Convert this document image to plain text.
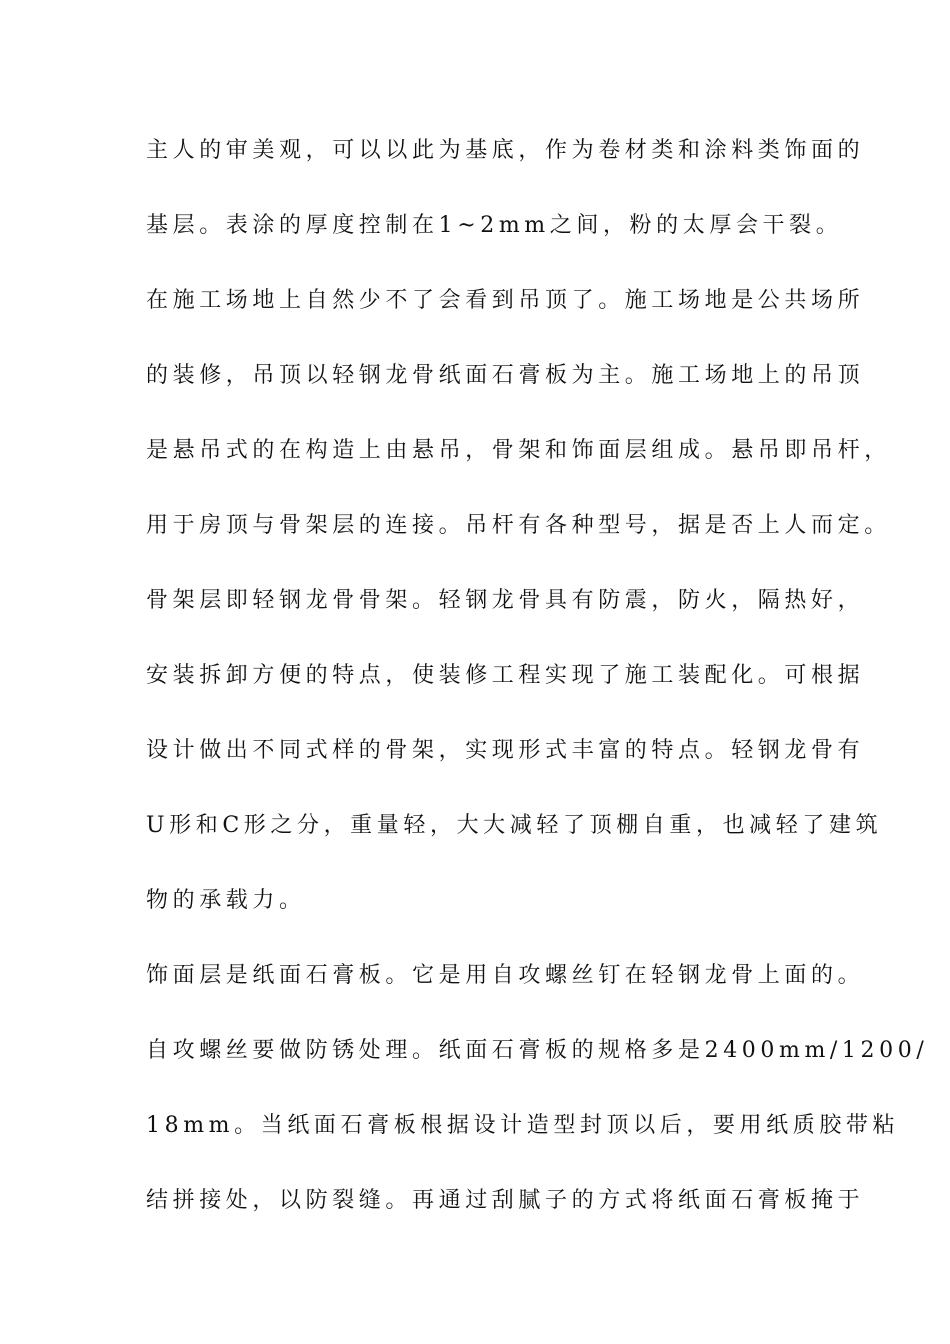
主人的审美观，可以以此为基底，作为卷材类和涂料类饰面的
基层。表涂的厚度控制在1~2mm之间，粉的太厚会干裂。
在施工场地上自然少不了会看到吊顶了。施工场地是公共场所
的装修，吊顶以轻钢龙骨纸面石膏板为主。施工场地上的吊顶
是悬吊式的在构造上由悬吊，骨架和饰面层组成。悬吊即吊杆，
用于房顶与骨架层的连接。吊杆有各种型号，据是否上人而定。
骨架层即轻钢龙骨骨架。轻钢龙骨具有防震，防火，隔热好，
安装拆卸方便的特点，使装修工程实现了施工装配化。可根据
设计做出不同式样的骨架，实现形式丰富的特点。轻钢龙骨有
U形和C形之分，重量轻，大大减轻了顶棚自重，也减轻了建筑
物的承载力。
饰面层是纸面石膏板。它是用自攻螺丝钉在轻钢龙骨上面的。
自攻螺丝要做防锈处理。纸面石膏板的规格多是2400mm/1200/
18mm。当纸面石膏板根据设计造型封顶以后，要用纸质胶带粘
结拼接处，以防裂缝。再通过刮腻子的方式将纸面石膏板掩于
